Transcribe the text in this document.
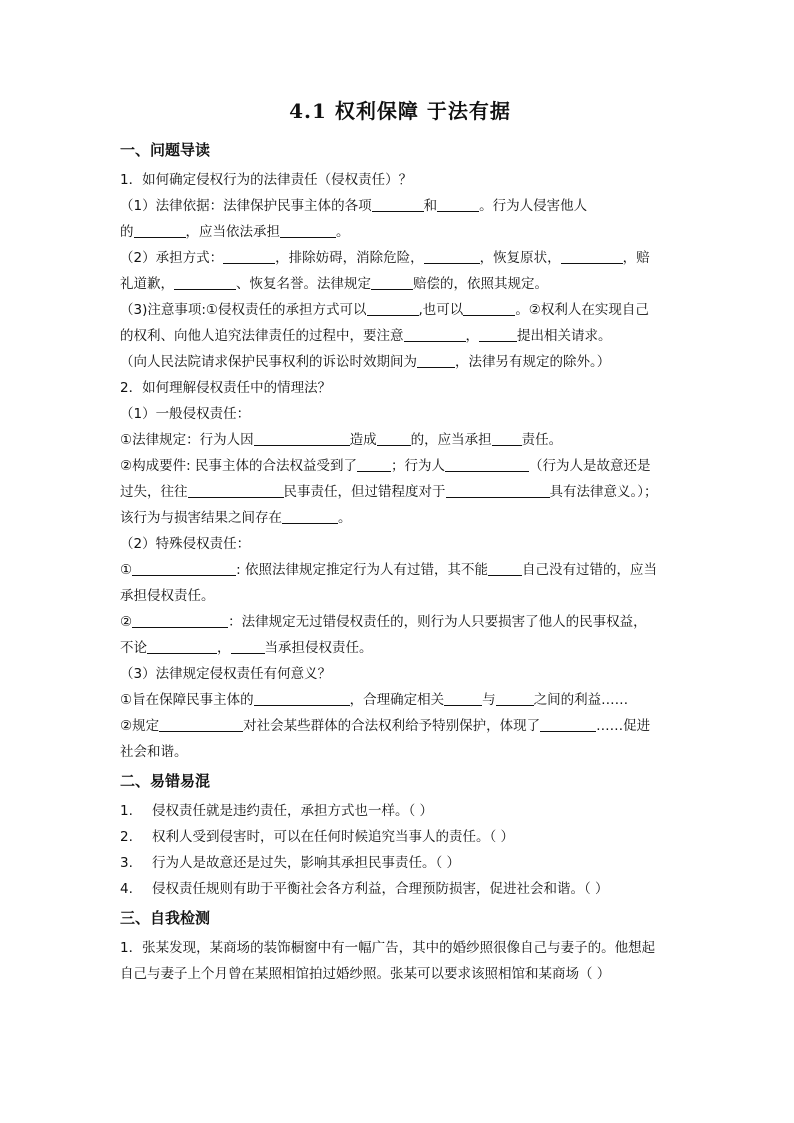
4.1 权利保障 于法有据
一、问题导读

1．如何确定侵权行为的法律责任（侵权责任）？

（1）法律依据：法律保护民事主体的各项	和	。行为人侵害他人

的	，应当依法承担	。

（2）承担方式：	，排除妨碍，消除危险，	，恢复原状，	，赔

礼道歉，	、恢复名誉。法律规定	赔偿的，依照其规定。

（3)注意事项:①侵权责任的承担方式可以	,也可以	。②权利人在实现自己

的权利、向他人追究法律责任的过程中，要注意	，	提出相关请求。

（向人民法院请求保护民事权利的诉讼时效期间为	，法律另有规定的除外。）

2．如何理解侵权责任中的情理法？

（1）一般侵权责任：

①法律规定：行为人因	造成	的，应当承担 责任。

②构成要件: 民事主体的合法权益受到了	；行为人	（行为人是故意还是

过失，往往	民事责任，但过错程度对于	具有法律意义。）；

该行为与损害结果之间存在	。

（2）特殊侵权责任：

①	: 依照法律规定推定行为人有过错，其不能	自己没有过错的，应当

承担侵权责任。

②	：法律规定无过错侵权责任的，则行为人只要损害了他人的民事权益，

不论	，	当承担侵权责任。

（3）法律规定侵权责任有何意义？

①旨在保障民事主体的	，合理确定相关	与	之间的利益……

②规定	对社会某些群体的合法权利给予特别保护，体现了	……促进

社会和谐。

二、易错易混
1.	侵权责任就是违约责任，承担方式也一样。（ ）
2.	权利人受到侵害时，可以在任何时候追究当事人的责任。（ ）
3.	行为人是故意还是过失，影响其承担民事责任。（ ）
4.	侵权责任规则有助于平衡社会各方利益，合理预防损害，促进社会和谐。（ ）
三、自我检测

1．张某发现，某商场的装饰橱窗中有一幅广告，其中的婚纱照很像自己与妻子的。他想起

自己与妻子上个月曾在某照相馆拍过婚纱照。张某可以要求该照相馆和某商场（ ）
